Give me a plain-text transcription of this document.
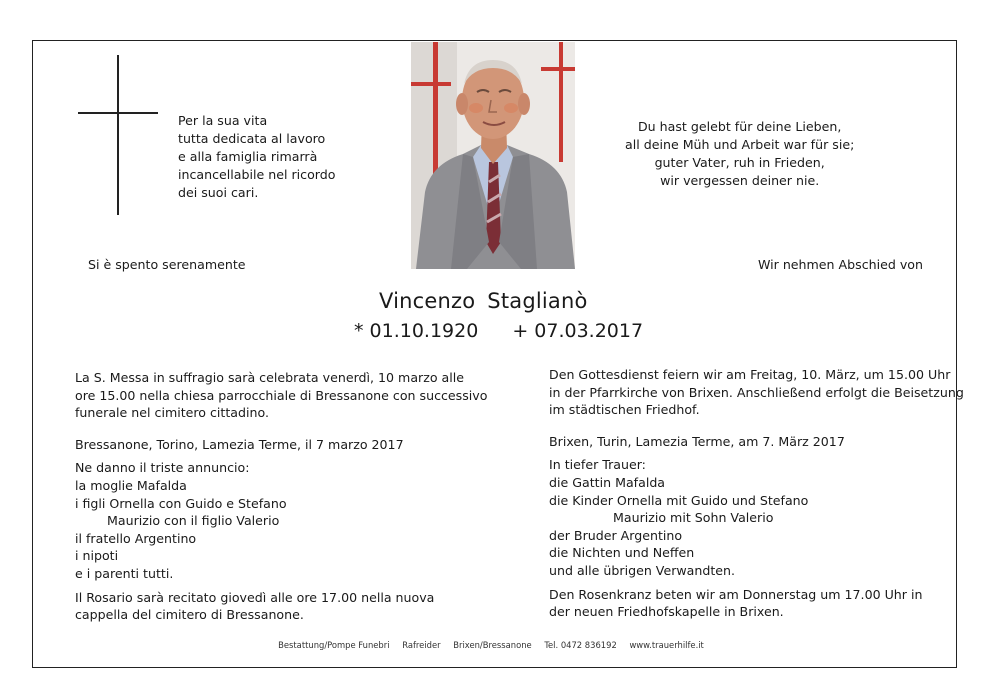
Per la sua vita
tutta dedicata al lavoro
e alla famiglia rimarrà
incancellabile nel ricordo
dei suoi cari.
Du hast gelebt für deine Lieben,
all deine Müh und Arbeit war für sie;
guter Vater, ruh in Frieden,
wir vergessen deiner nie.
Si è spento serenamente	Wir nehmen Abschied von
Vincenzo Staglianò
* 01.10.1920 + 07.03.2017
La S. Messa in suffragio sarà celebrata venerdì, 10 marzo alle
ore 15.00 nella chiesa parrocchiale di Bressanone con successivo
funerale nel cimitero cittadino.
Bressanone, Torino, Lamezia Terme, il 7 marzo 2017
Ne danno il triste annuncio:
la moglie Mafalda
i figli Ornella con Guido e Stefano
Maurizio con il figlio Valerio
il fratello Argentino
i nipoti
e i parenti tutti.
Il Rosario sarà recitato giovedì alle ore 17.00 nella nuova
cappella del cimitero di Bressanone.
Den Gottesdienst feiern wir am Freitag, 10. März, um 15.00 Uhr
in der Pfarrkirche von Brixen. Anschließend erfolgt die Beisetzung
im städtischen Friedhof.
Brixen, Turin, Lamezia Terme, am 7. März 2017
In tiefer Trauer:
die Gattin Mafalda
die Kinder Ornella mit Guido und Stefano
Maurizio mit Sohn Valerio
der Bruder Argentino
die Nichten und Neffen
und alle übrigen Verwandten.
Den Rosenkranz beten wir am Donnerstag um 17.00 Uhr in
der neuen Friedhofskapelle in Brixen.
Bestattung/Pompe Funebri Rafreider Brixen/Bressanone Tel. 0472 836192 www.trauerhilfe.it
